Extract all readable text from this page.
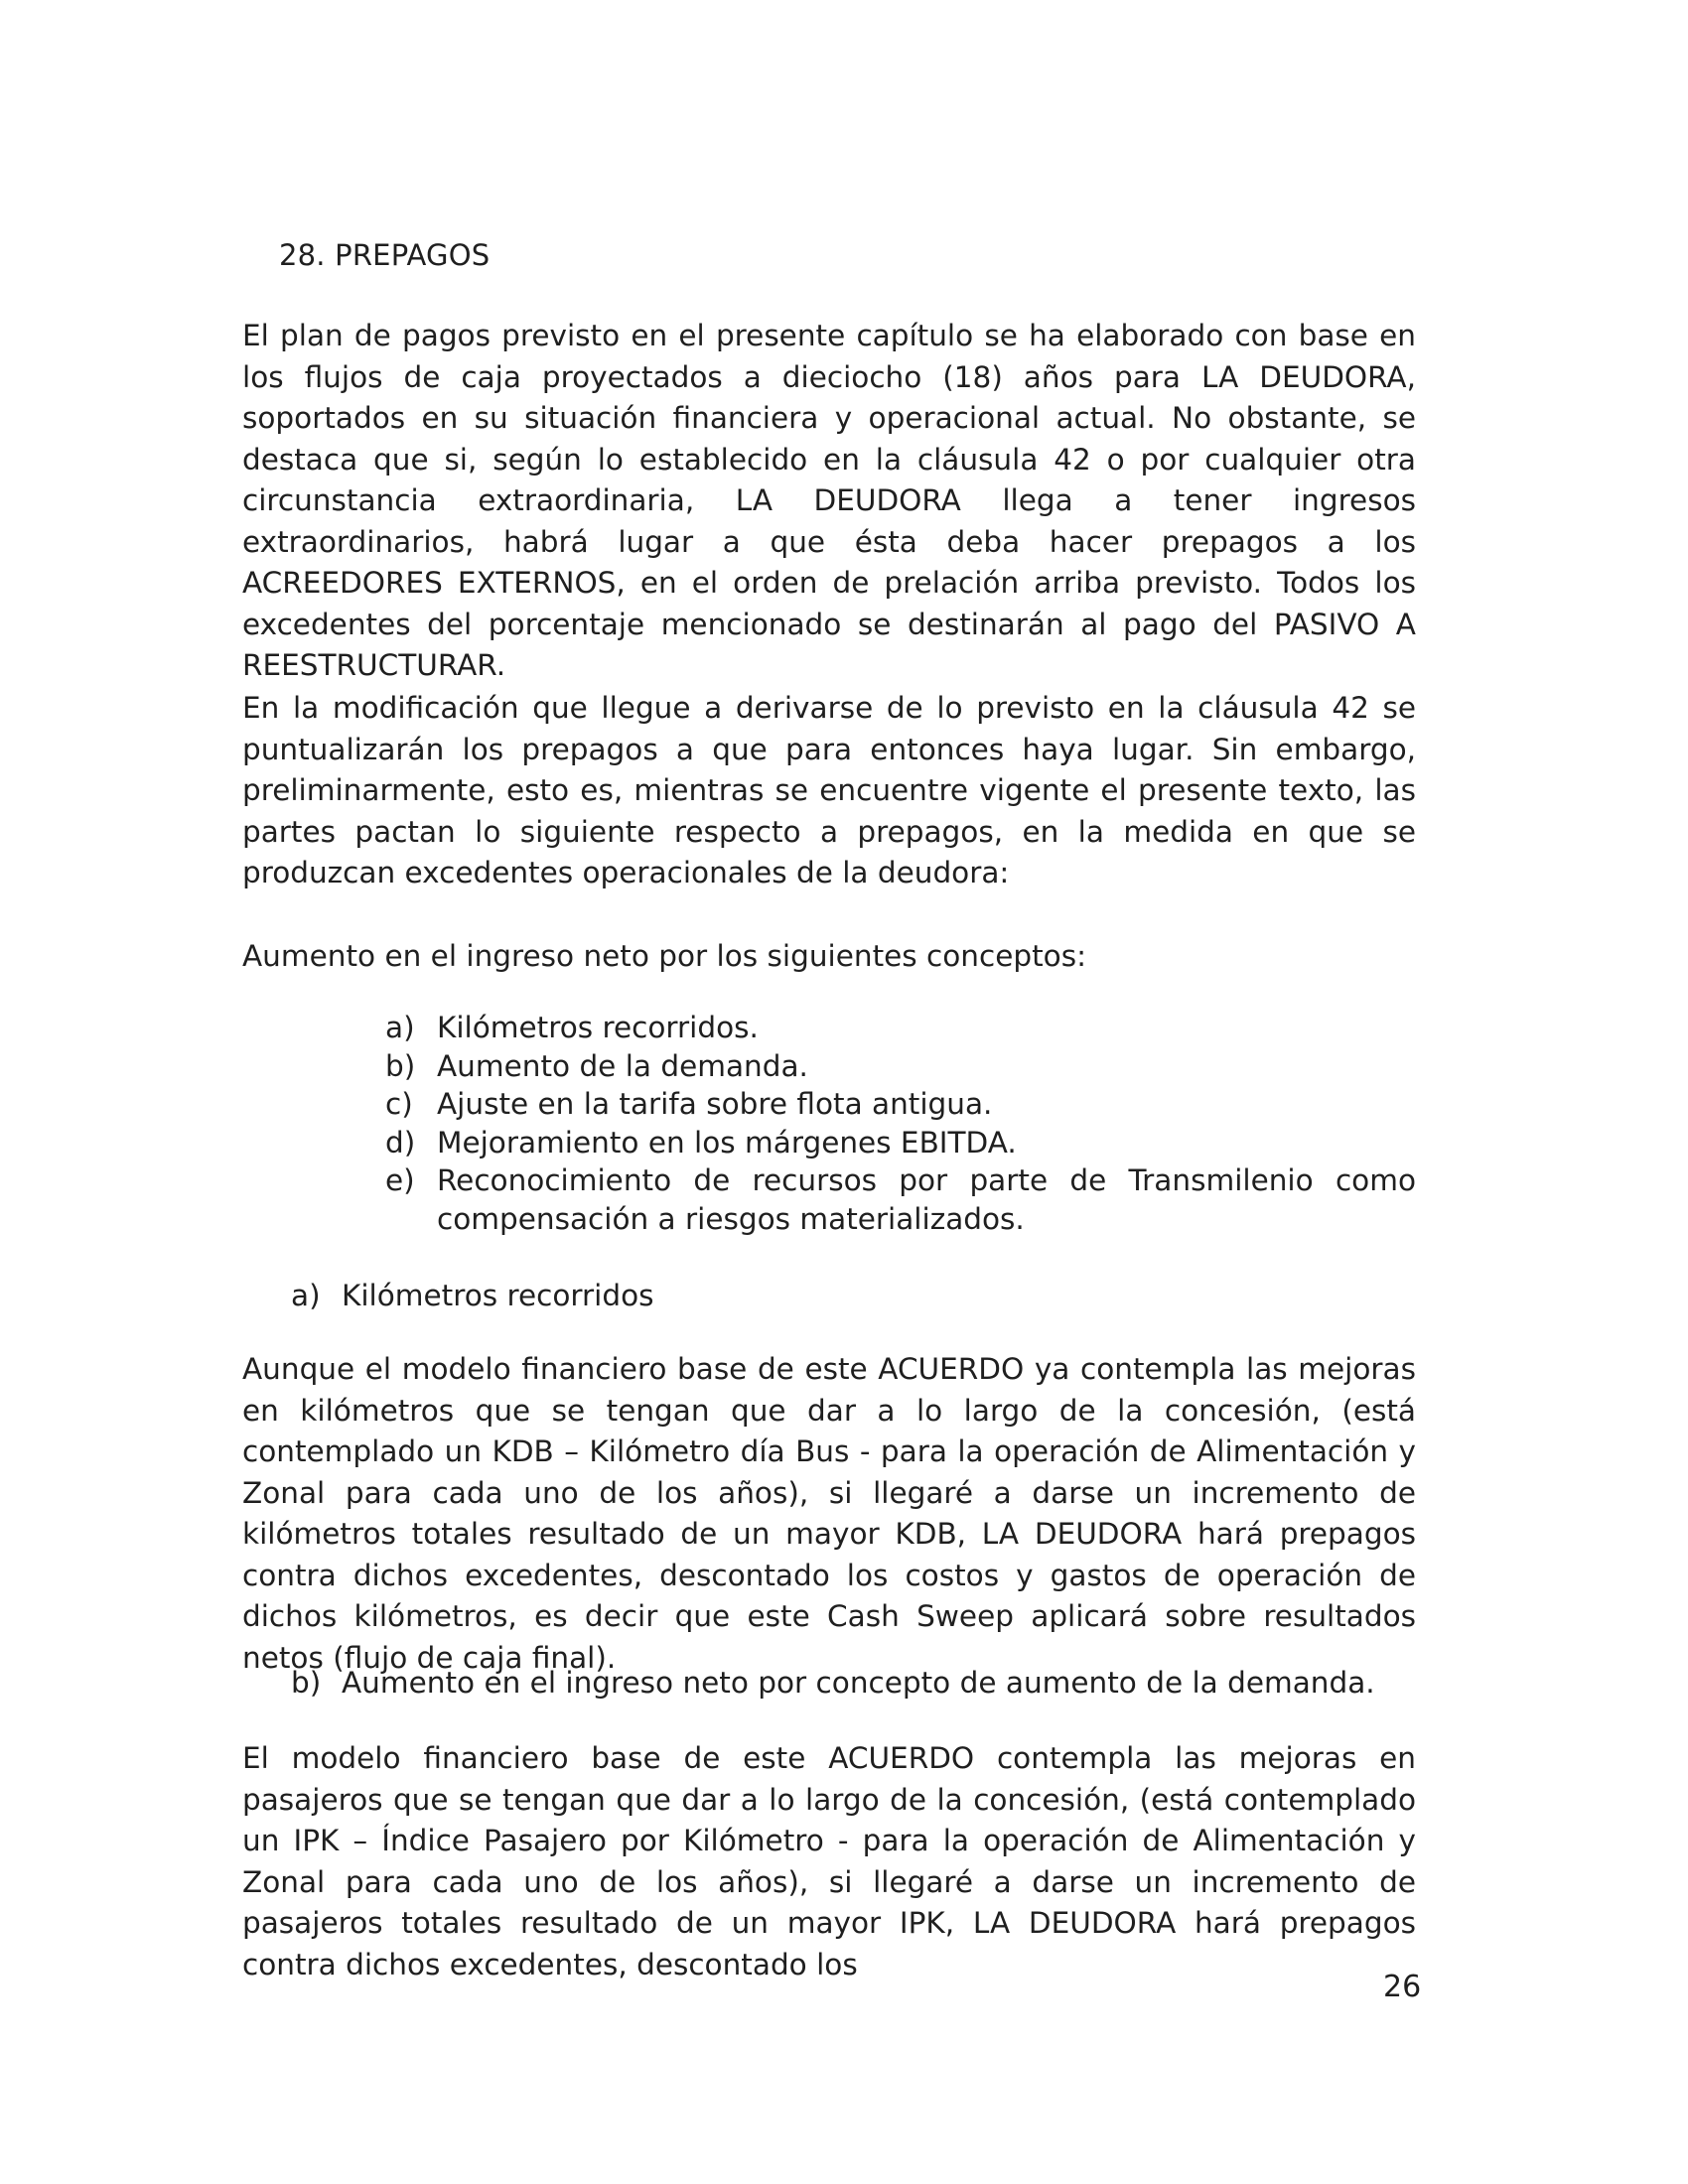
28. PREPAGOS

El plan de pagos previsto en el presente capítulo se ha elaborado con base en los flujos de caja proyectados a dieciocho (18) años para LA DEUDORA, soportados en su situación financiera y operacional actual. No obstante, se destaca que si, según lo establecido en la cláusula 42 o por cualquier otra circunstancia extraordinaria, LA DEUDORA llega a tener ingresos extraordinarios, habrá lugar a que ésta deba hacer prepagos a los ACREEDORES EXTERNOS, en el orden de prelación arriba previsto. Todos los excedentes del porcentaje mencionado se destinarán al pago del PASIVO A REESTRUCTURAR.

En la modificación que llegue a derivarse de lo previsto en la cláusula 42 se puntualizarán los prepagos a que para entonces haya lugar. Sin embargo, preliminarmente, esto es, mientras se encuentre vigente el presente texto, las partes pactan lo siguiente respecto a prepagos, en la medida en que se produzcan excedentes operacionales de la deudora:

Aumento en el ingreso neto por los siguientes conceptos:

a) Kilómetros recorridos.
b) Aumento de la demanda.
c) Ajuste en la tarifa sobre flota antigua.
d) Mejoramiento en los márgenes EBITDA.
e) Reconocimiento de recursos por parte de Transmilenio como compensación a riesgos materializados.
a) Kilómetros recorridos

Aunque el modelo financiero base de este ACUERDO ya contempla las mejoras en kilómetros que se tengan que dar a lo largo de la concesión, (está contemplado un KDB – Kilómetro día Bus - para la operación de Alimentación y Zonal para cada uno de los años), si llegaré a darse un incremento de kilómetros totales resultado de un mayor KDB, LA DEUDORA hará prepagos contra dichos excedentes, descontado los costos y gastos de operación de dichos kilómetros, es decir que este Cash Sweep aplicará sobre resultados netos (flujo de caja final).

b) Aumento en el ingreso neto por concepto de aumento de la demanda.

El modelo financiero base de este ACUERDO contempla las mejoras en pasajeros que se tengan que dar a lo largo de la concesión, (está contemplado un IPK – Índice Pasajero por Kilómetro - para la operación de Alimentación y Zonal para cada uno de los años), si llegaré a darse un incremento de pasajeros totales resultado de un mayor IPK, LA DEUDORA hará prepagos contra dichos excedentes, descontado los

26
